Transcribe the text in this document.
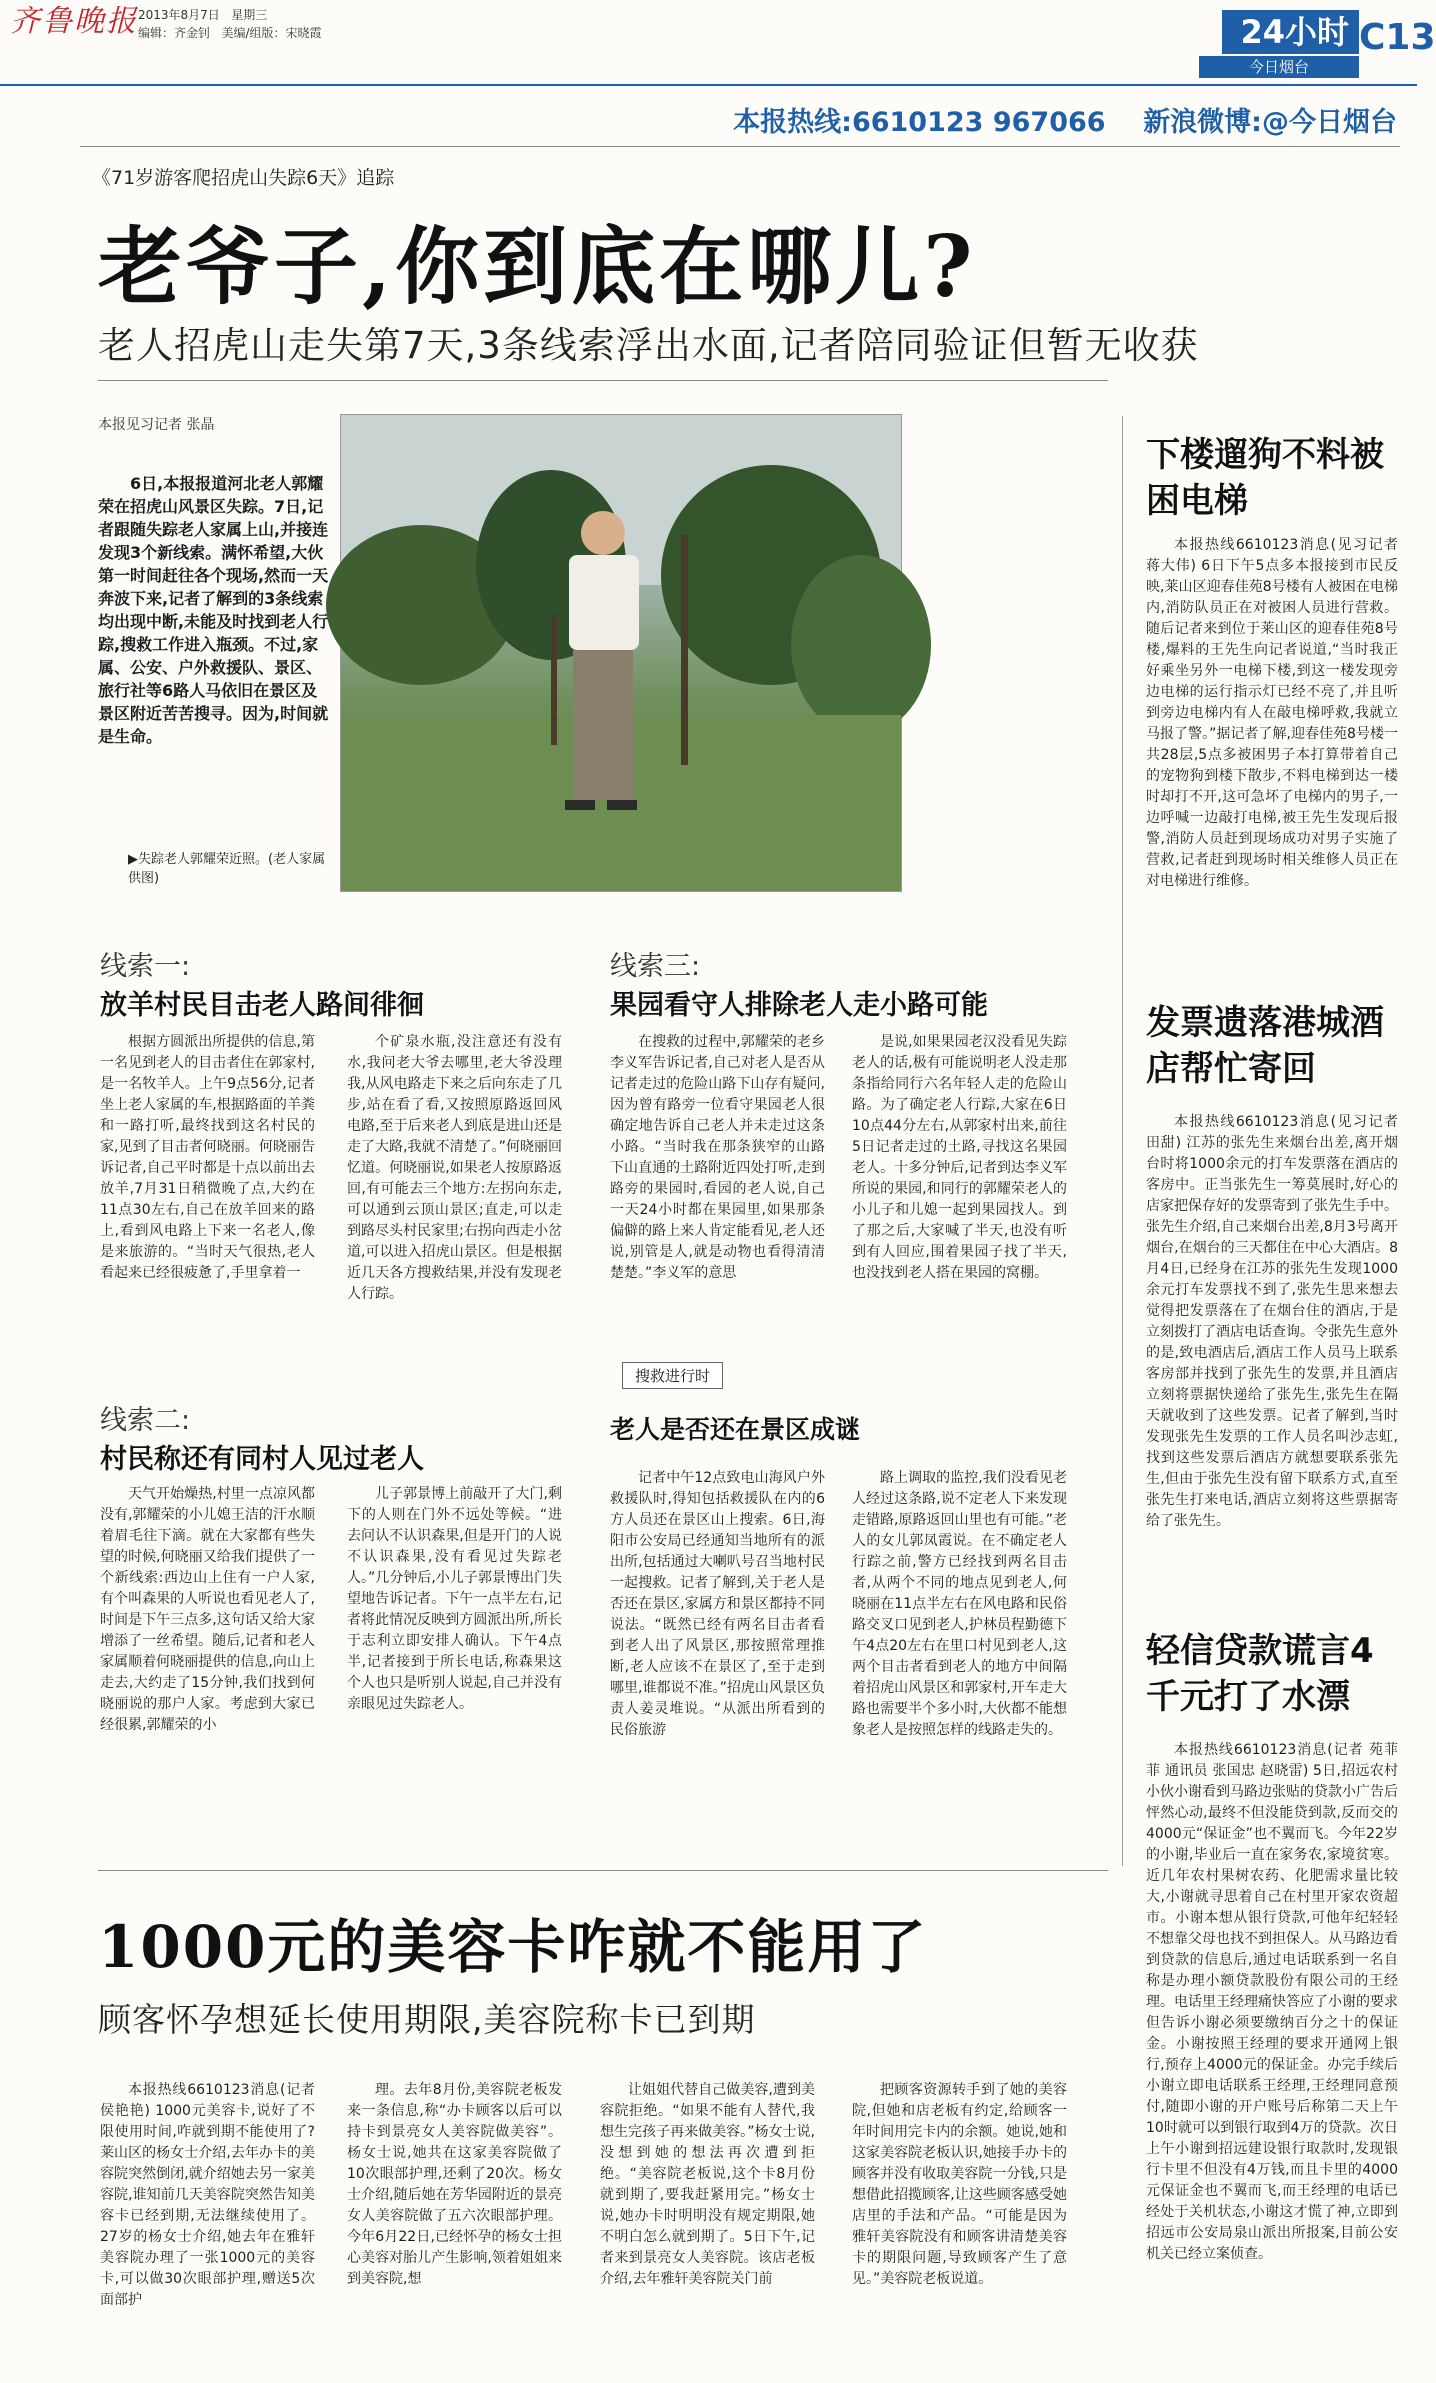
齐鲁晚报 2013年8月7日 星期三
编辑：齐金钊 美编/组版：宋晓霞	24小时
今日烟台
C13
本报热线:6610123 967066 新浪微博:@今日烟台
《71岁游客爬招虎山失踪6天》追踪
老爷子,你到底在哪儿?
老人招虎山走失第7天,3条线索浮出水面,记者陪同验证但暂无收获
本报见习记者 张晶

6日,本报报道河北老人郭耀荣在招虎山风景区失踪。7日,记者跟随失踪老人家属上山,并接连发现3个新线索。满怀希望,大伙第一时间赶往各个现场,然而一天奔波下来,记者了解到的3条线索均出现中断,未能及时找到老人行踪,搜救工作进入瓶颈。不过,家属、公安、户外救援队、景区、旅行社等6路人马依旧在景区及景区附近苦苦搜寻。因为,时间就是生命。

▶失踪老人郭耀荣近照。(老人家属供图)
线索一:
放羊村民目击老人路间徘徊

根据方圆派出所提供的信息,第一名见到老人的目击者住在郭家村,是一名牧羊人。上午9点56分,记者坐上老人家属的车,根据路面的羊粪和一路打听,最终找到这名村民的家,见到了目击者何晓丽。何晓丽告诉记者,自己平时都是十点以前出去放羊,7月31日稍微晚了点,大约在11点30左右,自己在放羊回来的路上,看到风电路上下来一名老人,像是来旅游的。“当时天气很热,老人看起来已经很疲惫了,手里拿着一

个矿泉水瓶,没注意还有没有水,我问老大爷去哪里,老大爷没理我,从风电路走下来之后向东走了几步,站在看了看,又按照原路返回风电路,至于后来老人到底是进山还是走了大路,我就不清楚了。”何晓丽回忆道。何晓丽说,如果老人按原路返回,有可能去三个地方:左拐向东走,可以通到云顶山景区;直走,可以走到路尽头村民家里;右拐向西走小岔道,可以进入招虎山景区。但是根据近几天各方搜救结果,并没有发现老人行踪。

线索三:
果园看守人排除老人走小路可能

在搜救的过程中,郭耀荣的老乡李义军告诉记者,自己对老人是否从记者走过的危险山路下山存有疑问,因为曾有路旁一位看守果园老人很确定地告诉自己老人并未走过这条小路。“当时我在那条狭窄的山路下山直通的土路附近四处打听,走到路旁的果园时,看园的老人说,自己一天24小时都在果园里,如果那条偏僻的路上来人肯定能看见,老人还说,别管是人,就是动物也看得清清楚楚。”李义军的意思

是说,如果果园老汉没看见失踪老人的话,极有可能说明老人没走那条指给同行六名年轻人走的危险山路。为了确定老人行踪,大家在6日10点44分左右,从郭家村出来,前往5日记者走过的土路,寻找这名果园老人。十多分钟后,记者到达李义军所说的果园,和同行的郭耀荣老人的小儿子和儿媳一起到果园找人。到了那之后,大家喊了半天,也没有听到有人回应,围着果园子找了半天,也没找到老人搭在果园的窝棚。

线索二:
村民称还有同村人见过老人

天气开始燥热,村里一点凉风都没有,郭耀荣的小儿媳王洁的汗水顺着眉毛往下滴。就在大家都有些失望的时候,何晓丽又给我们提供了一个新线索:西边山上住有一户人家,有个叫森果的人听说也看见老人了,时间是下午三点多,这句话又给大家增添了一丝希望。随后,记者和老人家属顺着何晓丽提供的信息,向山上走去,大约走了15分钟,我们找到何晓丽说的那户人家。考虑到大家已经很累,郭耀荣的小

儿子郭景博上前敲开了大门,剩下的人则在门外不远处等候。“进去问认不认识森果,但是开门的人说不认识森果,没有看见过失踪老人。”几分钟后,小儿子郭景博出门失望地告诉记者。下午一点半左右,记者将此情况反映到方圆派出所,所长于志利立即安排人确认。下午4点半,记者接到于所长电话,称森果这个人也只是听别人说起,自己并没有亲眼见过失踪老人。

搜救进行时
老人是否还在景区成谜

记者中午12点致电山海风户外救援队时,得知包括救援队在内的6方人员还在景区山上搜索。6日,海阳市公安局已经通知当地所有的派出所,包括通过大喇叭号召当地村民一起搜救。记者了解到,关于老人是否还在景区,家属方和景区都持不同说法。“既然已经有两名目击者看到老人出了风景区,那按照常理推断,老人应该不在景区了,至于走到哪里,谁都说不准。”招虎山风景区负责人姜灵堆说。“从派出所看到的民俗旅游

路上调取的监控,我们没看见老人经过这条路,说不定老人下来发现走错路,原路返回山里也有可能。”老人的女儿郭凤霞说。在不确定老人行踪之前,警方已经找到两名目击者,从两个不同的地点见到老人,何晓丽在11点半左右在风电路和民俗路交叉口见到老人,护林员程勤德下午4点20左右在里口村见到老人,这两个目击者看到老人的地方中间隔着招虎山风景区和郭家村,开车走大路也需要半个多小时,大伙都不能想象老人是按照怎样的线路走失的。

下楼遛狗不料被困电梯

本报热线6610123消息(见习记者 蒋大伟) 6日下午5点多本报接到市民反映,莱山区迎春佳苑8号楼有人被困在电梯内,消防队员正在对被困人员进行营救。随后记者来到位于莱山区的迎春佳苑8号楼,爆料的王先生向记者说道,“当时我正好乘坐另外一电梯下楼,到这一楼发现旁边电梯的运行指示灯已经不亮了,并且听到旁边电梯内有人在敲电梯呼救,我就立马报了警。”据记者了解,迎春佳苑8号楼一共28层,5点多被困男子本打算带着自己的宠物狗到楼下散步,不料电梯到达一楼时却打不开,这可急坏了电梯内的男子,一边呼喊一边敲打电梯,被王先生发现后报警,消防人员赶到现场成功对男子实施了营救,记者赶到现场时相关维修人员正在对电梯进行维修。

发票遗落港城酒店帮忙寄回

本报热线6610123消息(见习记者 田甜) 江苏的张先生来烟台出差,离开烟台时将1000余元的打车发票落在酒店的客房中。正当张先生一筹莫展时,好心的店家把保存好的发票寄到了张先生手中。张先生介绍,自己来烟台出差,8月3号离开烟台,在烟台的三天都住在中心大酒店。8月4日,已经身在江苏的张先生发现1000余元打车发票找不到了,张先生思来想去觉得把发票落在了在烟台住的酒店,于是立刻拨打了酒店电话查询。令张先生意外的是,致电酒店后,酒店工作人员马上联系客房部并找到了张先生的发票,并且酒店立刻将票据快递给了张先生,张先生在隔天就收到了这些发票。记者了解到,当时发现张先生发票的工作人员名叫沙志虹,找到这些发票后酒店方就想要联系张先生,但由于张先生没有留下联系方式,直至张先生打来电话,酒店立刻将这些票据寄给了张先生。

轻信贷款谎言4千元打了水漂

本报热线6610123消息(记者 苑菲菲 通讯员 张国忠 赵晓雷) 5日,招远农村小伙小谢看到马路边张贴的贷款小广告后怦然心动,最终不但没能贷到款,反而交的4000元“保证金”也不翼而飞。今年22岁的小谢,毕业后一直在家务农,家境贫寒。近几年农村果树农药、化肥需求量比较大,小谢就寻思着自己在村里开家农资超市。小谢本想从银行贷款,可他年纪轻轻不想靠父母也找不到担保人。从马路边看到贷款的信息后,通过电话联系到一名自称是办理小额贷款股份有限公司的王经理。电话里王经理痛快答应了小谢的要求但告诉小谢必须要缴纳百分之十的保证金。小谢按照王经理的要求开通网上银行,预存上4000元的保证金。办完手续后小谢立即电话联系王经理,王经理同意预付,随即小谢的开户账号后称第二天上午10时就可以到银行取到4万的贷款。次日上午小谢到招远建设银行取款时,发现银行卡里不但没有4万钱,而且卡里的4000元保证金也不翼而飞,而王经理的电话已经处于关机状态,小谢这才慌了神,立即到招远市公安局泉山派出所报案,目前公安机关已经立案侦查。

1000元的美容卡咋就不能用了
顾客怀孕想延长使用期限,美容院称卡已到期

本报热线6610123消息(记者 侯艳艳) 1000元美容卡,说好了不限使用时间,咋就到期不能使用了?莱山区的杨女士介绍,去年办卡的美容院突然倒闭,就介绍她去另一家美容院,谁知前几天美容院突然告知美容卡已经到期,无法继续使用了。27岁的杨女士介绍,她去年在雅轩美容院办理了一张1000元的美容卡,可以做30次眼部护理,赠送5次面部护

理。去年8月份,美容院老板发来一条信息,称“办卡顾客以后可以持卡到景亮女人美容院做美容”。杨女士说,她共在这家美容院做了10次眼部护理,还剩了20次。杨女士介绍,随后她在芳华园附近的景亮女人美容院做了五六次眼部护理。今年6月22日,已经怀孕的杨女士担心美容对胎儿产生影响,领着姐姐来到美容院,想

让姐姐代替自己做美容,遭到美容院拒绝。“如果不能有人替代,我想生完孩子再来做美容。”杨女士说,没想到她的想法再次遭到拒绝。“美容院老板说,这个卡8月份就到期了,要我赶紧用完。”杨女士说,她办卡时明明没有规定期限,她不明白怎么就到期了。5日下午,记者来到景亮女人美容院。该店老板介绍,去年雅轩美容院关门前

把顾客资源转手到了她的美容院,但她和店老板有约定,给顾客一年时间用完卡内的余额。她说,她和这家美容院老板认识,她接手办卡的顾客并没有收取美容院一分钱,只是想借此招揽顾客,让这些顾客感受她店里的手法和产品。“可能是因为雅轩美容院没有和顾客讲清楚美容卡的期限问题,导致顾客产生了意见。”美容院老板说道。
